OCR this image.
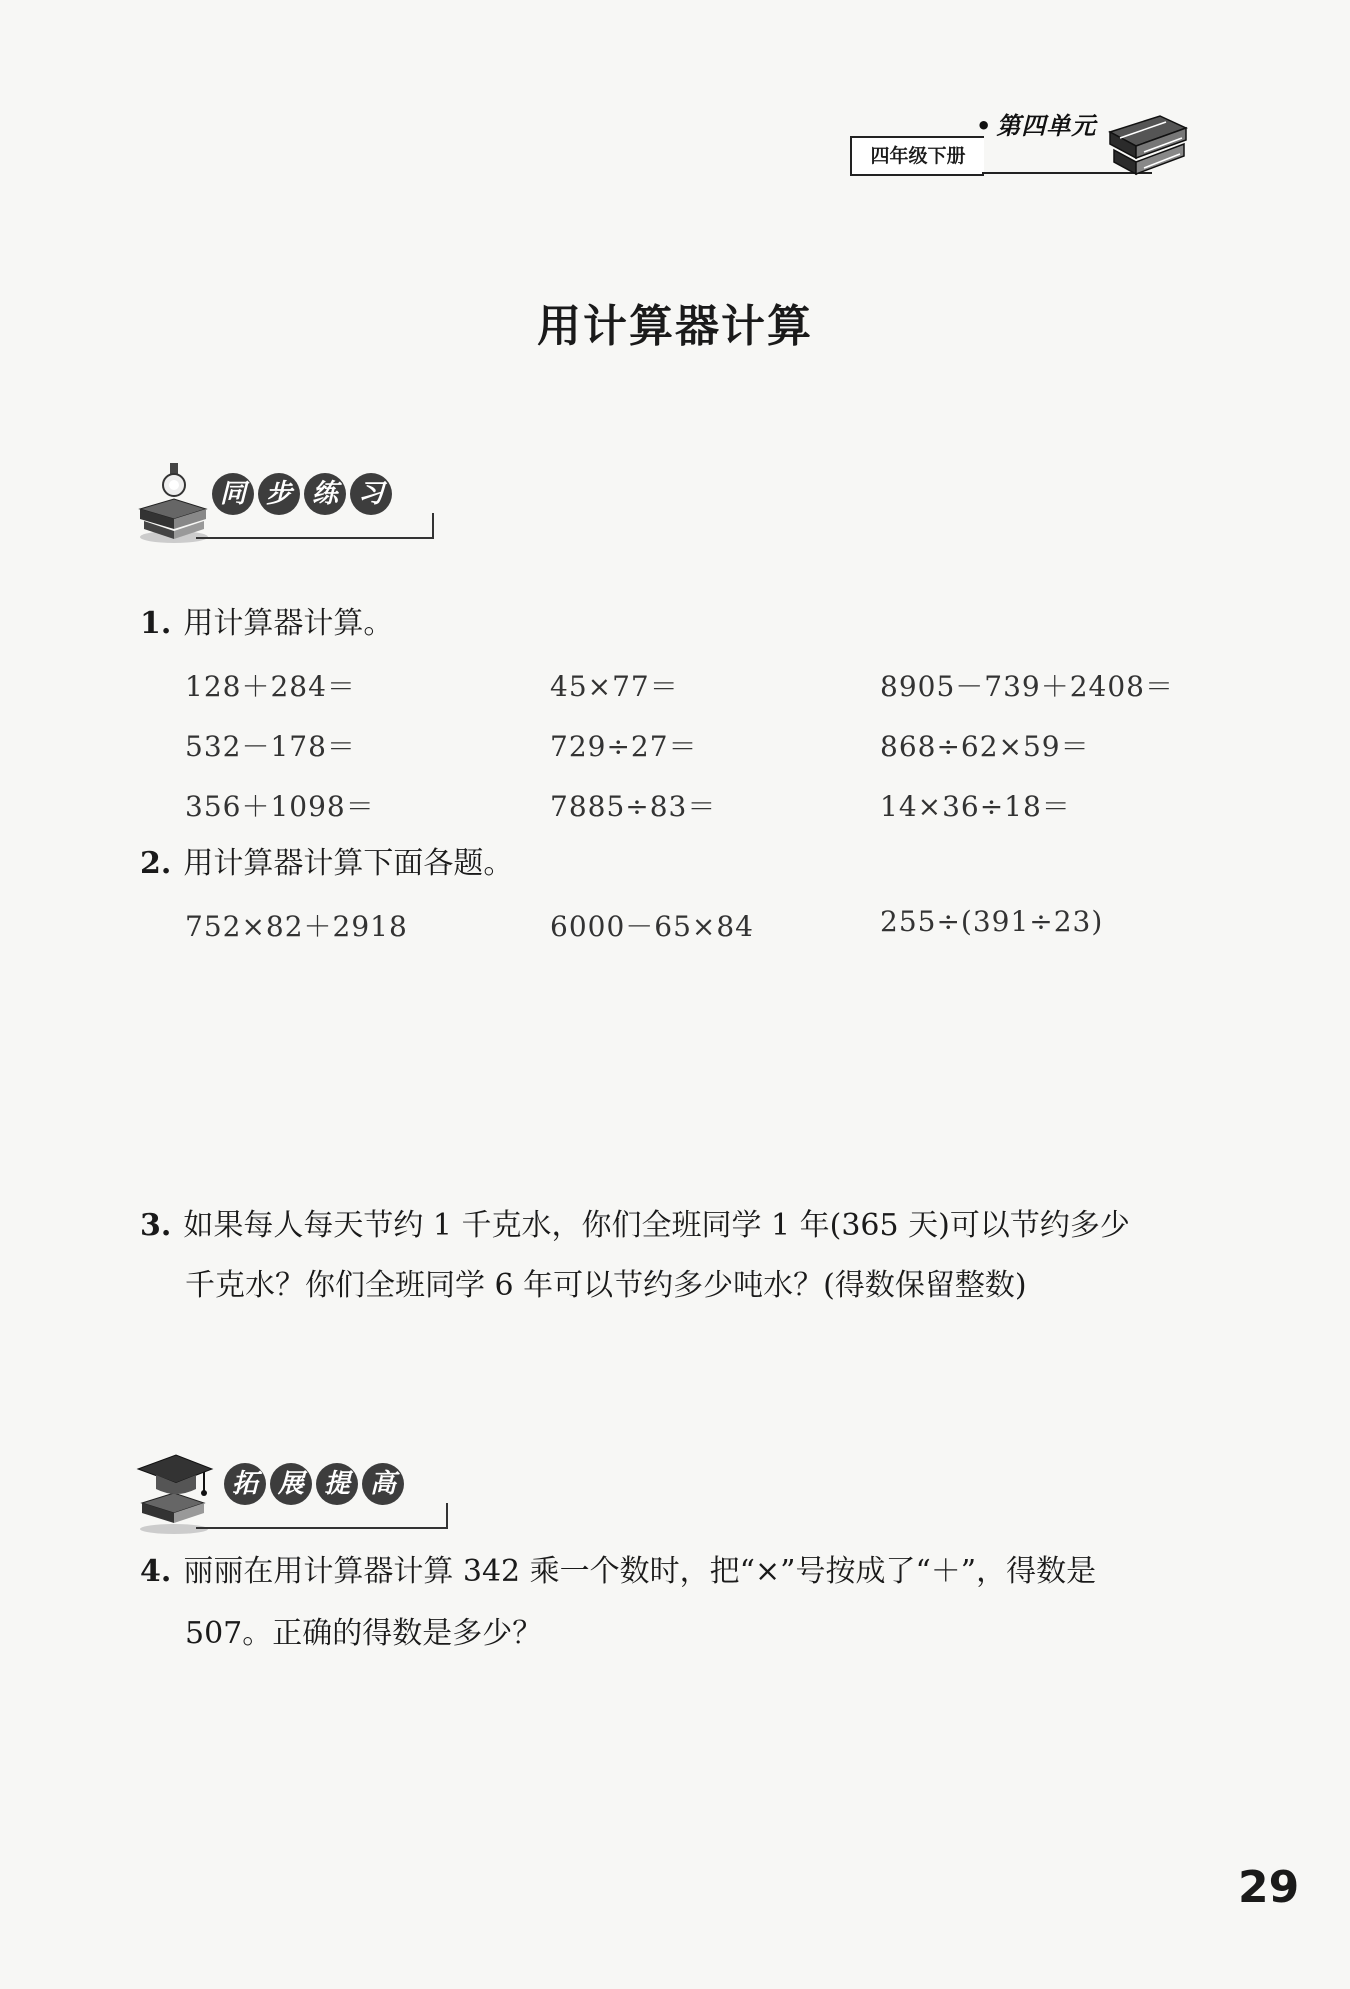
四年级下册
• 第四单元
用计算器计算
同 步 练 习
1. 用计算器计算。
128＋284＝	45×77＝	8905－739＋2408＝
532－178＝	729÷27＝	868÷62×59＝
356＋1098＝	7885÷83＝	14×36÷18＝
2. 用计算器计算下面各题。
752×82＋2918	6000－65×84	255÷(391÷23)
3. 如果每人每天节约 1 千克水，你们全班同学 1 年(365 天)可以节约多少
千克水？你们全班同学 6 年可以节约多少吨水？(得数保留整数)
拓 展 提 高
4. 丽丽在用计算器计算 342 乘一个数时，把“×”号按成了“＋”，得数是
507。正确的得数是多少？
29
